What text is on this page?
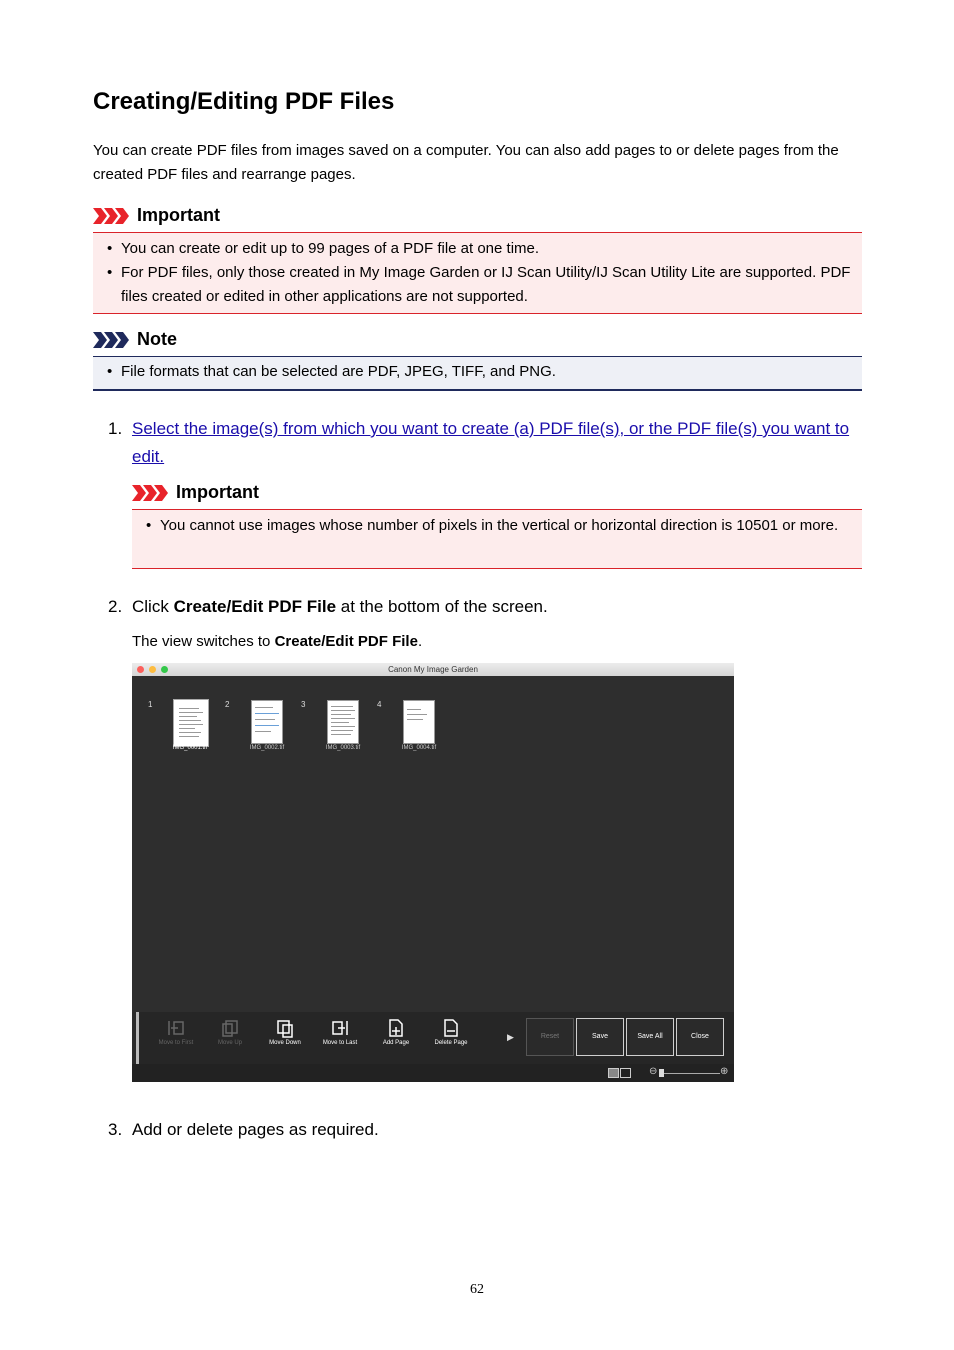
Creating/Editing PDF Files
You can create PDF files from images saved on a computer. You can also add pages to or delete pages from the created PDF files and rearrange pages.
Important
• You can create or edit up to 99 pages of a PDF file at one time.
• For PDF files, only those created in My Image Garden or IJ Scan Utility/IJ Scan Utility Lite are supported. PDF files created or edited in other applications are not supported.
Note
• File formats that can be selected are PDF, JPEG, TIFF, and PNG.
1. Select the image(s) from which you want to create (a) PDF file(s), or the PDF file(s) you want to edit.
Important
• You cannot use images whose number of pixels in the vertical or horizontal direction is 10501 or more.
2. Click Create/Edit PDF File at the bottom of the screen.
The view switches to Create/Edit PDF File.
Canon My Image Garden
1
IMG_0001.tif
2
IMG_0002.tif
3
IMG_0003.tif
4
IMG_0004.tif
Move to First	Move Up	Move Down	Move to Last	Add Page	Delete Page
▶	Reset	Save	Save All	Close
⊖	⊕
3. Add or delete pages as required.
62
